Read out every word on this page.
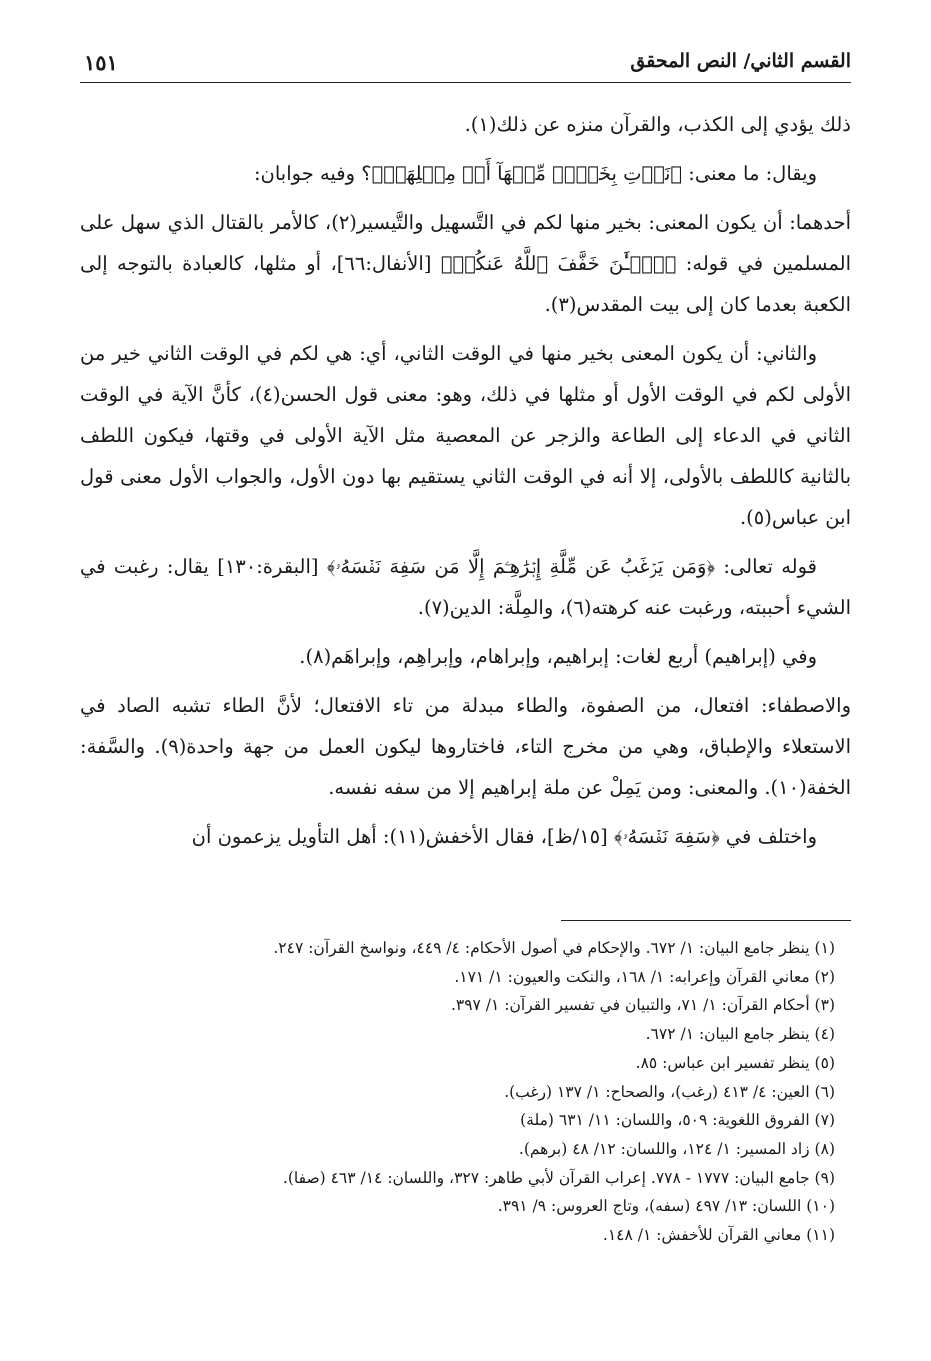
القسم الثاني/ النص المحقق
١٥١

ذلك يؤدي إلى الكذب، والقرآن منزه عن ذلك(١).

ويقال: ما معنى: ﴿نَأۡتِ بِخَيۡرٖ مِّنۡهَآ أَوۡ مِثۡلِهَآۗ﴾؟ وفيه جوابان:

أحدهما: أن يكون المعنى: بخير منها لكم في التَّسهيل والتَّيسير(٢)، كالأمر بالقتال الذي سهل على المسلمين في قوله: ﴿ٱلۡـَٰٔنَ خَفَّفَ ٱللَّهُ عَنكُمۡ﴾ [الأنفال:٦٦]، أو مثلها، كالعبادة بالتوجه إلى الكعبة بعدما كان إلى بيت المقدس(٣).

والثاني: أن يكون المعنى بخير منها في الوقت الثاني، أي: هي لكم في الوقت الثاني خير من الأولى لكم في الوقت الأول أو مثلها في ذلك، وهو: معنى قول الحسن(٤)، كأنَّ الآية في الوقت الثاني في الدعاء إلى الطاعة والزجر عن المعصية مثل الآية الأولى في وقتها، فيكون اللطف بالثانية كاللطف بالأولى، إلا أنه في الوقت الثاني يستقيم بها دون الأول، والجواب الأول معنى قول ابن عباس(٥).

قوله تعالى: ﴿وَمَن يَرۡغَبُ عَن مِّلَّةِ إِبۡرَٰهِـۧمَ إِلَّا مَن سَفِهَ نَفۡسَهُۥ﴾ [البقرة:١٣٠] يقال: رغبت في الشيء أحببته، ورغبت عنه كرهته(٦)، والمِلَّة: الدين(٧).

وفي (إبراهيم) أربع لغات: إبراهيم، وإبراهام، وإبراهِم، وإبراهَم(٨).

والاصطفاء: افتعال، من الصفوة، والطاء مبدلة من تاء الافتعال؛ لأنَّ الطاء تشبه الصاد في الاستعلاء والإطباق، وهي من مخرج التاء، فاختاروها ليكون العمل من جهة واحدة(٩). والسَّفة: الخفة(١٠). والمعنى: ومن يَمِلْ عن ملة إبراهيم إلا من سفه نفسه.

واختلف في ﴿سَفِهَ نَفۡسَهُۥ﴾ [١٥/ظ]، فقال الأخفش(١١): أهل التأويل يزعمون أن

(١) ينظر جامع البيان: ١/ ٦٧٢. والإحكام في أصول الأحكام: ٤/ ٤٤٩، ونواسخ القرآن: ٢٤٧.
(٢) معاني القرآن وإعرابه: ١/ ١٦٨، والنكت والعيون: ١/ ١٧١.
(٣) أحكام القرآن: ١/ ٧١، والتبيان في تفسير القرآن: ١/ ٣٩٧.
(٤) ينظر جامع البيان: ١/ ٦٧٢.
(٥) ينظر تفسير ابن عباس: ٨٥.
(٦) العين: ٤/ ٤١٣ (رغب)، والصحاح: ١/ ١٣٧ (رغب).
(٧) الفروق اللغوية: ٥٠٩، واللسان: ١١/ ٦٣١ (ملة)
(٨) زاد المسير: ١/ ١٢٤، واللسان: ١٢/ ٤٨ (برهم).
(٩) جامع البيان: ١٧٧٧ - ٧٧٨. إعراب القرآن لأبي طاهر: ٣٢٧، واللسان: ١٤/ ٤٦٣ (صفا).
(١٠) اللسان: ١٣/ ٤٩٧ (سفه)، وتاج العروس: ٩/ ٣٩١.
(١١) معاني القرآن للأخفش: ١/ ١٤٨.
